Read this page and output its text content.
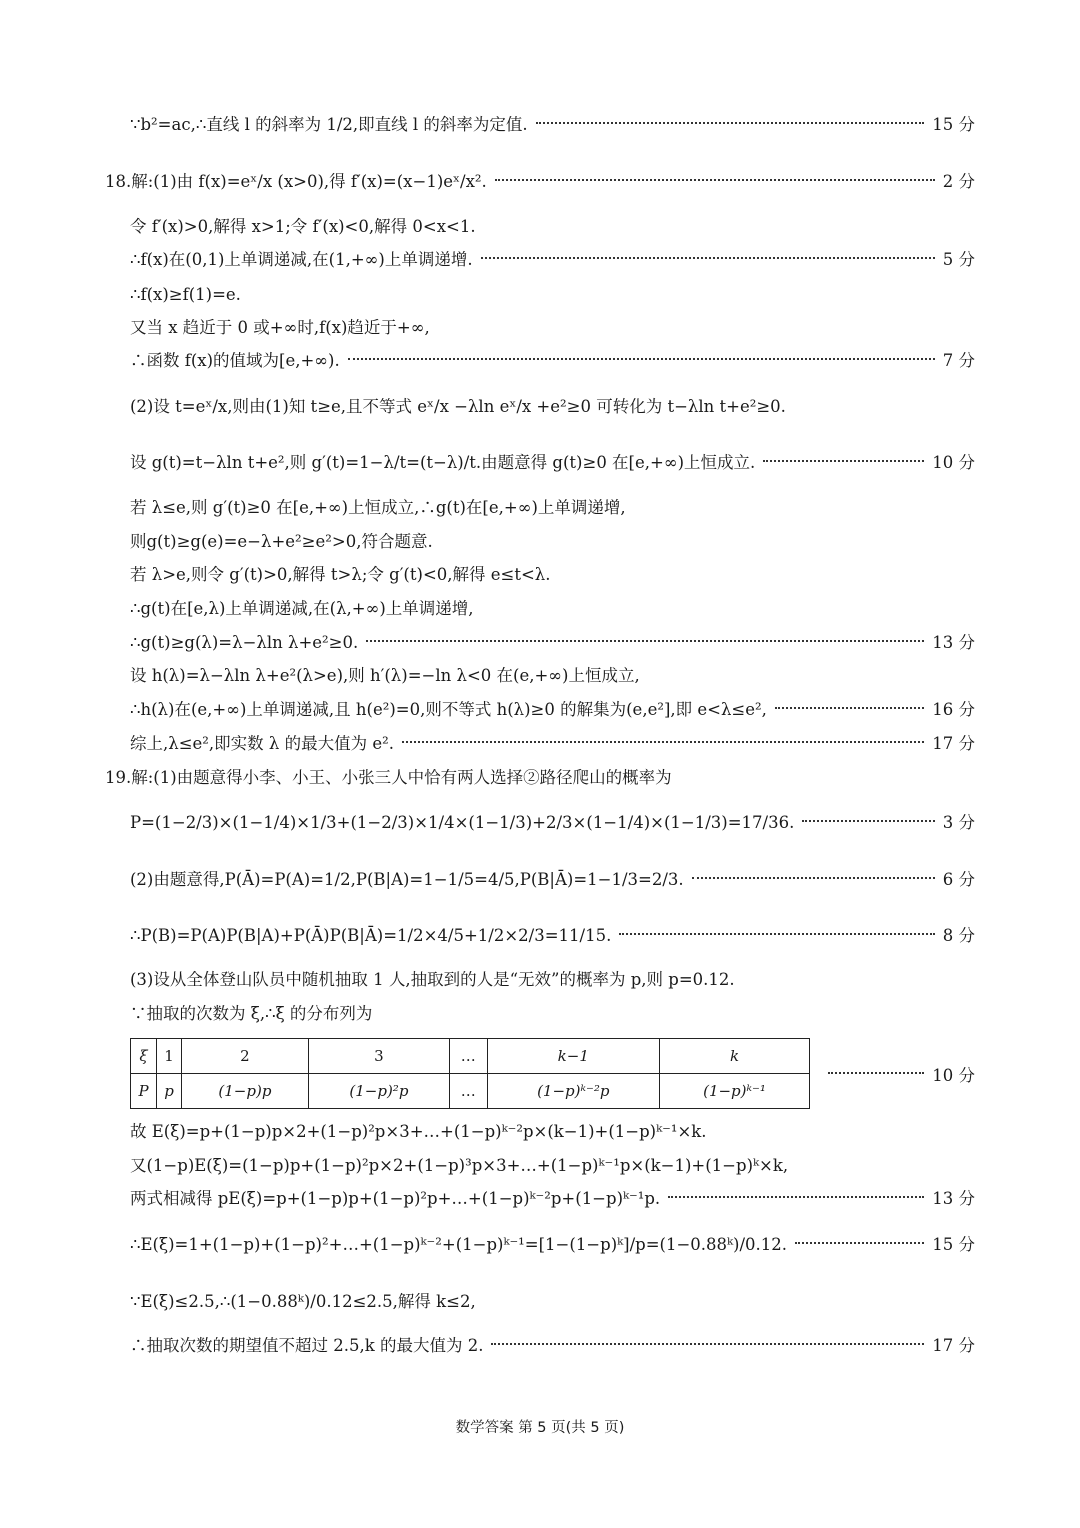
∵b²=ac,∴直线 l 的斜率为 1/2,即直线 l 的斜率为定值.	15 分
18.解:(1)由 f(x)=eˣ/x (x>0),得 f′(x)=(x−1)eˣ/x².	2 分
令 f′(x)>0,解得 x>1;令 f′(x)<0,解得 0<x<1.
∴f(x)在(0,1)上单调递减,在(1,+∞)上单调递增.	5 分
∴f(x)≥f(1)=e.
又当 x 趋近于 0 或+∞时,f(x)趋近于+∞,
∴函数 f(x)的值域为[e,+∞).	7 分
(2)设 t=eˣ/x,则由(1)知 t≥e,且不等式 eˣ/x −λln eˣ/x +e²≥0 可转化为 t−λln t+e²≥0.
设 g(t)=t−λln t+e²,则 g′(t)=1−λ/t=(t−λ)/t.由题意得 g(t)≥0 在[e,+∞)上恒成立.	10 分
若 λ≤e,则 g′(t)≥0 在[e,+∞)上恒成立,∴g(t)在[e,+∞)上单调递增,
则g(t)≥g(e)=e−λ+e²≥e²>0,符合题意.
若 λ>e,则令 g′(t)>0,解得 t>λ;令 g′(t)<0,解得 e≤t<λ.
∴g(t)在[e,λ)上单调递减,在(λ,+∞)上单调递增,
∴g(t)≥g(λ)=λ−λln λ+e²≥0.	13 分
设 h(λ)=λ−λln λ+e²(λ>e),则 h′(λ)=−ln λ<0 在(e,+∞)上恒成立,
∴h(λ)在(e,+∞)上单调递减,且 h(e²)=0,则不等式 h(λ)≥0 的解集为(e,e²],即 e<λ≤e²,	16 分
综上,λ≤e²,即实数 λ 的最大值为 e².	17 分
19.解:(1)由题意得小李、小王、小张三人中恰有两人选择②路径爬山的概率为
P=(1−2/3)×(1−1/4)×1/3+(1−2/3)×1/4×(1−1/3)+2/3×(1−1/4)×(1−1/3)=17/36.	3 分
(2)由题意得,P(Ā)=P(A)=1/2,P(B|A)=1−1/5=4/5,P(B|Ā)=1−1/3=2/3.	6 分
∴P(B)=P(A)P(B|A)+P(Ā)P(B|Ā)=1/2×4/5+1/2×2/3=11/15.	8 分
(3)设从全体登山队员中随机抽取 1 人,抽取到的人是“无效”的概率为 p,则 p=0.12.
∵抽取的次数为 ξ,∴ξ 的分布列为
ξ	1	2	3	…	k−1	k
P	p	(1−p)p	(1−p)²p	…	(1−p)ᵏ⁻²p	(1−p)ᵏ⁻¹
10 分
故 E(ξ)=p+(1−p)p×2+(1−p)²p×3+…+(1−p)ᵏ⁻²p×(k−1)+(1−p)ᵏ⁻¹×k.
又(1−p)E(ξ)=(1−p)p+(1−p)²p×2+(1−p)³p×3+…+(1−p)ᵏ⁻¹p×(k−1)+(1−p)ᵏ×k,
两式相减得 pE(ξ)=p+(1−p)p+(1−p)²p+…+(1−p)ᵏ⁻²p+(1−p)ᵏ⁻¹p.	13 分
∴E(ξ)=1+(1−p)+(1−p)²+…+(1−p)ᵏ⁻²+(1−p)ᵏ⁻¹=[1−(1−p)ᵏ]/p=(1−0.88ᵏ)/0.12.	15 分
∵E(ξ)≤2.5,∴(1−0.88ᵏ)/0.12≤2.5,解得 k≤2,
∴抽取次数的期望值不超过 2.5,k 的最大值为 2.	17 分
数学答案 第 5 页(共 5 页)
